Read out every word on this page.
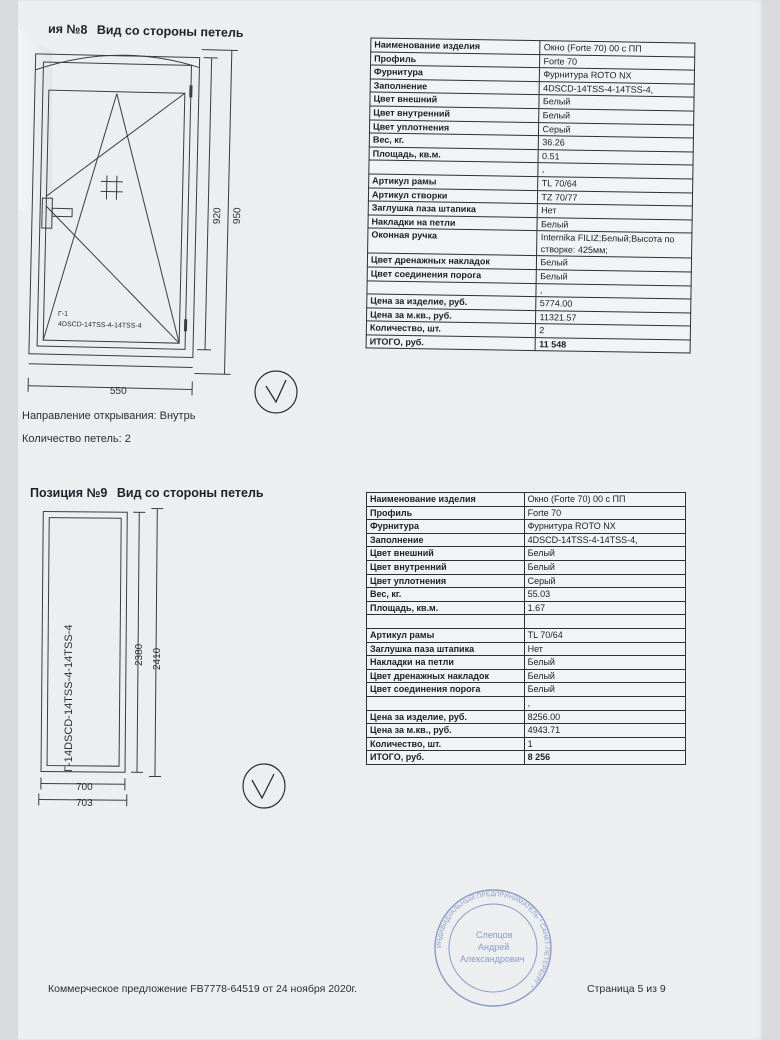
ия №8 Вид со стороны петель
920 950
550
4DSCD-14TSS-4-14TSS-4
Г-1
Направление открывания: Внутрь
Количество петель: 2
Наименование изделия	Окно (Forte 70) 00 с ПП
Профиль	Forte 70
Фурнитура	Фурнитура ROTO NX
Заполнение	4DSCD-14TSS-4-14TSS-4,
Цвет внешний	Белый
Цвет внутренний	Белый
Цвет уплотнения	Серый
Вес, кг.	36.26
Площадь, кв.м.	0.51
	,
Артикул рамы	TL 70/64
Артикул створки	TZ 70/77
Заглушка паза штапика	Нет
Накладки на петли	Белый
Оконная ручка	Internika FILIZ;Белый;Высота по створке: 425мм;
Цвет дренажных накладок	Белый
Цвет соединения порога	Белый
	,
Цена за изделие, руб.	5774.00
Цена за м.кв., руб.	11321.57
Количество, шт.	2
ИТОГО, руб.	11 548
Позиция №9 Вид со стороны петель
4DSCD-14TSS-4-14TSS-4
Г-1
2380 2410
700
703
Наименование изделия	Окно (Forte 70) 00 с ПП
Профиль	Forte 70
Фурнитура	Фурнитура ROTO NX
Заполнение	4DSCD-14TSS-4-14TSS-4,
Цвет внешний	Белый
Цвет внутренний	Белый
Цвет уплотнения	Серый
Вес, кг.	55.03
Площадь, кв.м.	1.67

Артикул рамы	TL 70/64
Заглушка паза штапика	Нет
Накладки на петли	Белый
Цвет дренажных накладок	Белый
Цвет соединения порога	Белый
	,
Цена за изделие, руб.	8256.00
Цена за м.кв., руб.	4943.71
Количество, шт.	1
ИТОГО, руб.	8 256
ИНДИВИДУАЛЬНЫЙ ПРЕДПРИНИМАТЕЛЬ * САНКТ-ПЕТЕРБУРГ *
Слепцов
Андрей
Александрович
Коммерческое предложение FB7778-64519 от 24 ноября 2020г.	Страница 5 из 9
